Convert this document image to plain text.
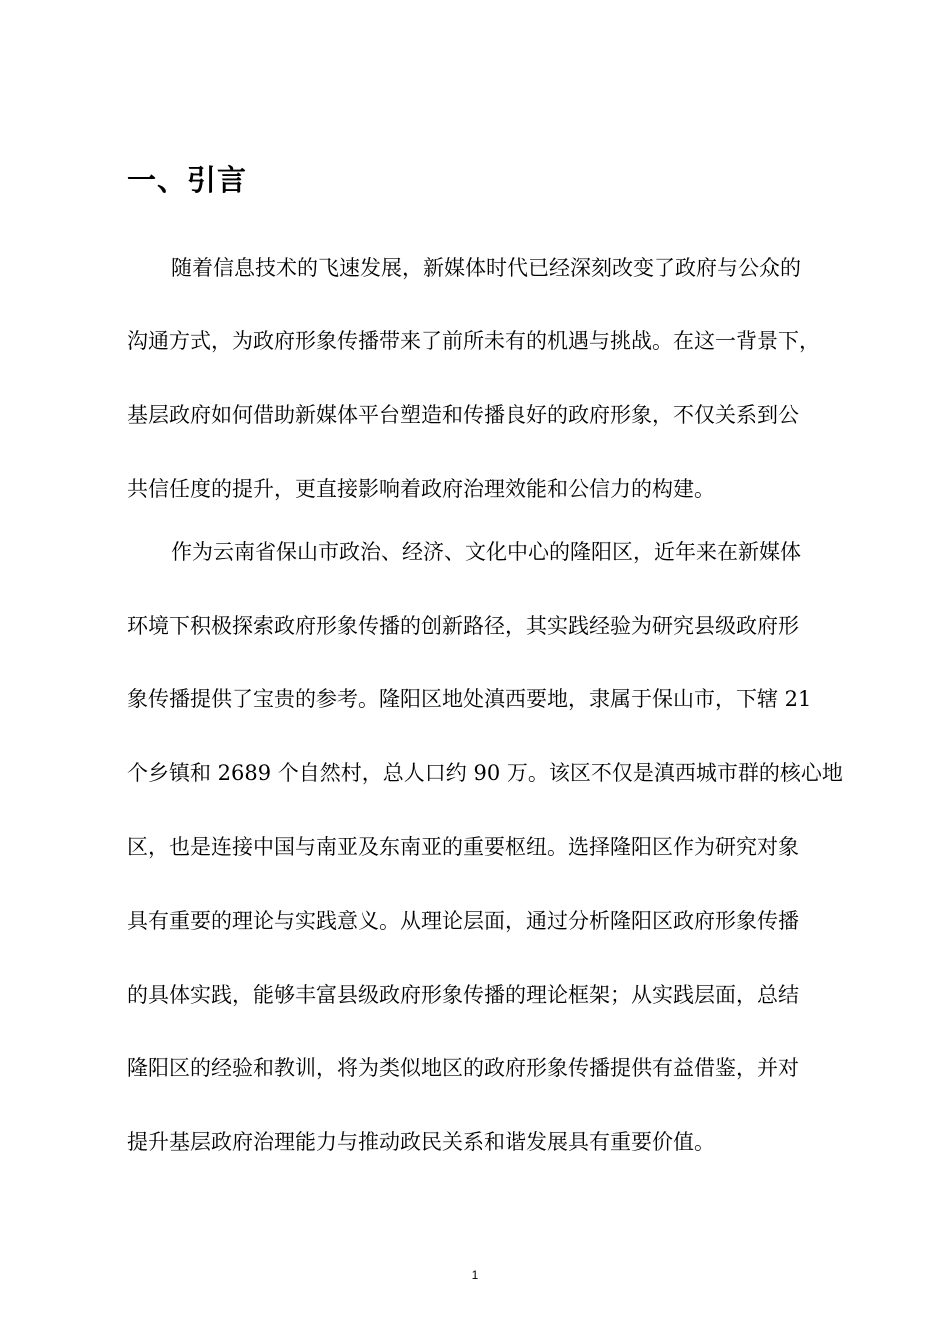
一、引言
随着信息技术的飞速发展，新媒体时代已经深刻改变了政府与公众的
沟通方式，为政府形象传播带来了前所未有的机遇与挑战。在这一背景下，
基层政府如何借助新媒体平台塑造和传播良好的政府形象，不仅关系到公
共信任度的提升，更直接影响着政府治理效能和公信力的构建。
作为云南省保山市政治、经济、文化中心的隆阳区，近年来在新媒体
环境下积极探索政府形象传播的创新路径，其实践经验为研究县级政府形
象传播提供了宝贵的参考。隆阳区地处滇西要地，隶属于保山市，下辖 21
个乡镇和 2689 个自然村，总人口约 90 万。该区不仅是滇西城市群的核心地
区，也是连接中国与南亚及东南亚的重要枢纽。选择隆阳区作为研究对象
具有重要的理论与实践意义。从理论层面，通过分析隆阳区政府形象传播
的具体实践，能够丰富县级政府形象传播的理论框架；从实践层面，总结
隆阳区的经验和教训，将为类似地区的政府形象传播提供有益借鉴，并对
提升基层政府治理能力与推动政民关系和谐发展具有重要价值。
1
